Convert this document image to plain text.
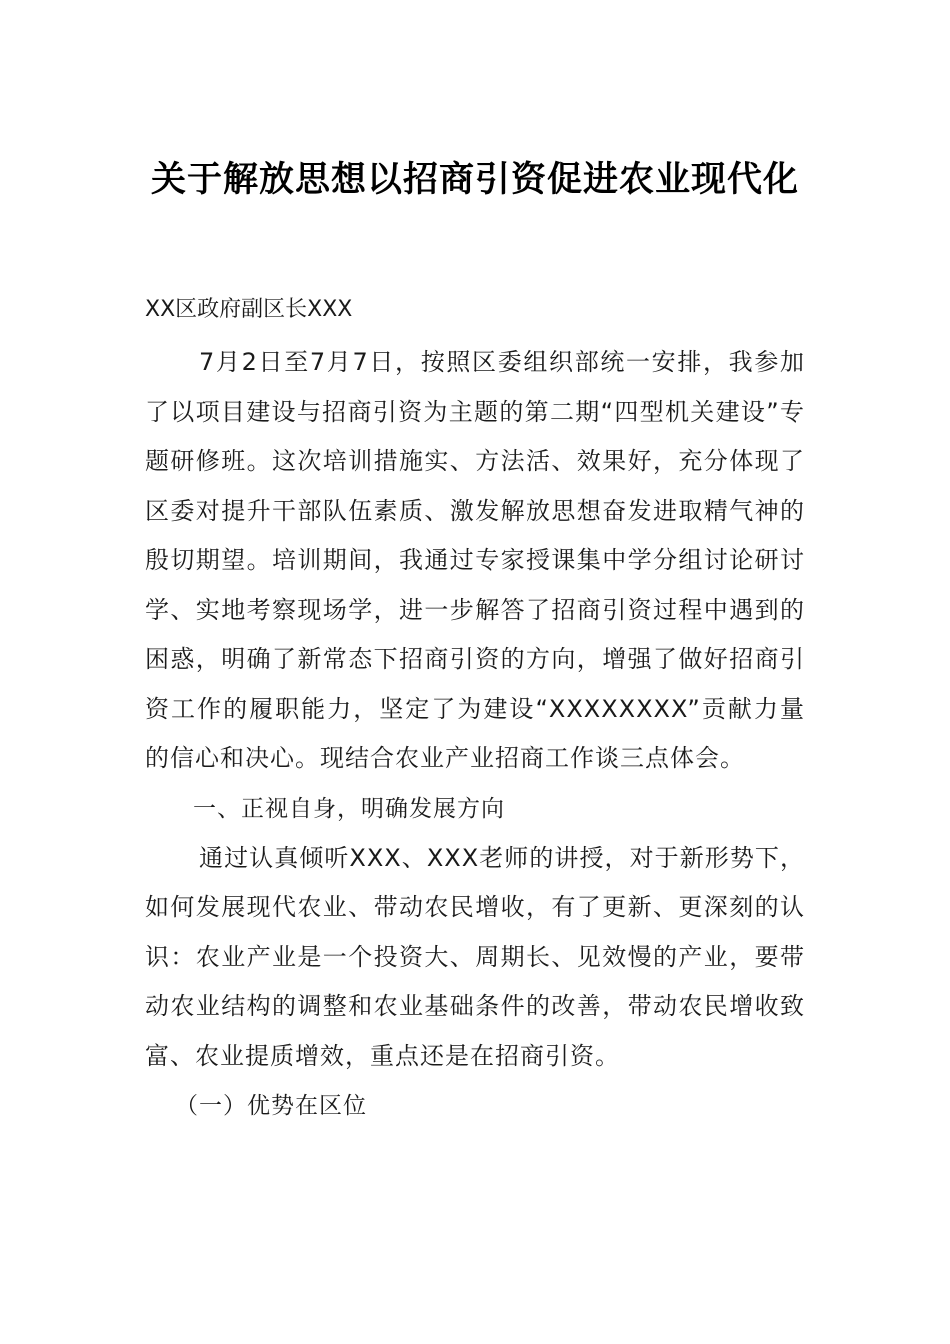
关于解放思想以招商引资促进农业现代化

XX区政府副区长XXX

7月2日至7月7日，按照区委组织部统一安排，我参加了以项目建设与招商引资为主题的第二期“四型机关建设”专题研修班。这次培训措施实、方法活、效果好，充分体现了区委对提升干部队伍素质、激发解放思想奋发进取精气神的殷切期望。培训期间，我通过专家授课集中学分组讨论研讨学、实地考察现场学，进一步解答了招商引资过程中遇到的困惑，明确了新常态下招商引资的方向，增强了做好招商引资工作的履职能力，坚定了为建设“XXXXXXXX”贡献力量的信心和决心。现结合农业产业招商工作谈三点体会。

一、正视自身，明确发展方向

通过认真倾听XXX、XXX老师的讲授，对于新形势下，如何发展现代农业、带动农民增收，有了更新、更深刻的认识：农业产业是一个投资大、周期长、见效慢的产业，要带动农业结构的调整和农业基础条件的改善，带动农民增收致富、农业提质增效，重点还是在招商引资。

（一）优势在区位
